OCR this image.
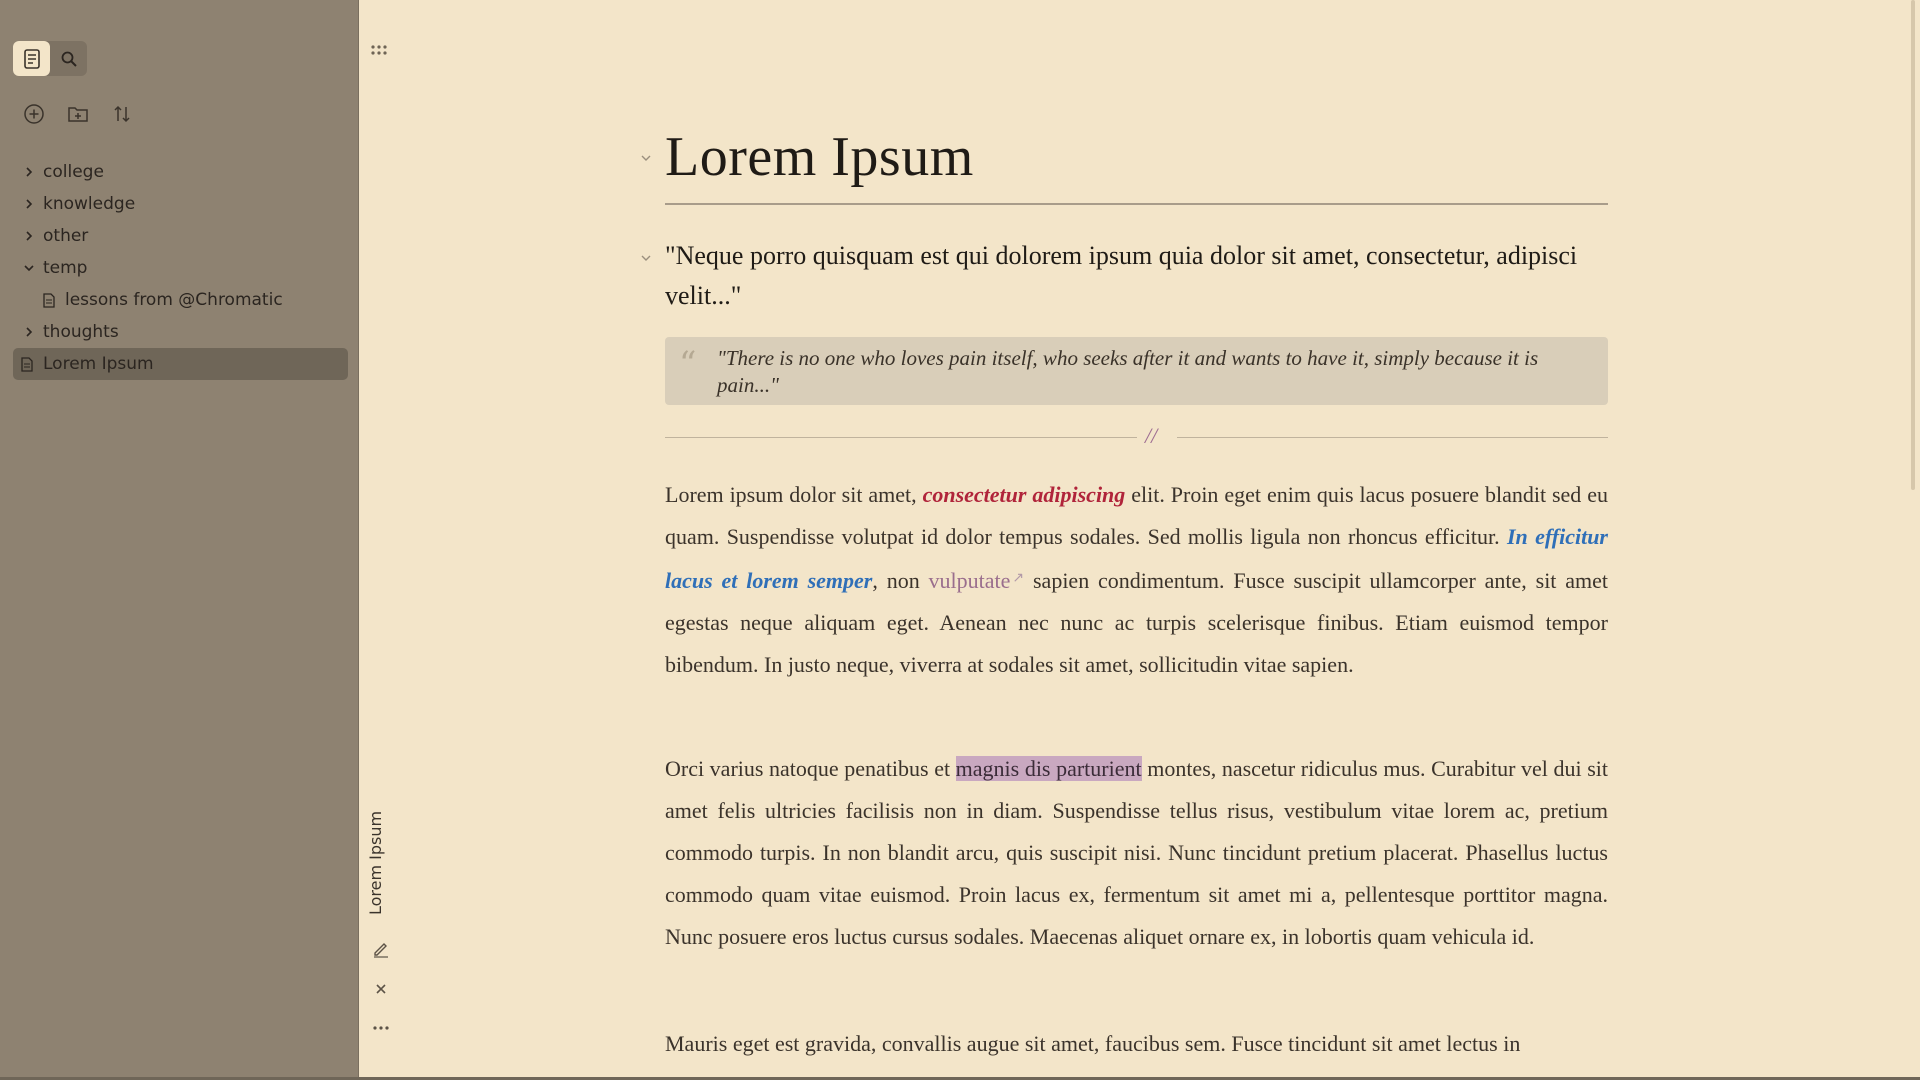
college
knowledge
other
temp
lessons from @Chromatic
thoughts
Lorem Ipsum
Lorem Ipsum
Lorem Ipsum
"Neque porro quisquam est qui dolorem ipsum quia dolor sit amet, consectetur, adipisci velit..."
“ "There is no one who loves pain itself, who seeks after it and wants to have it, simply because it is pain..."
//
Lorem ipsum dolor sit amet, consectetur adipiscing elit. Proin eget enim quis lacus posuere blandit sed eu quam. Suspendisse volutpat id dolor tempus sodales. Sed mollis ligula non rhoncus efficitur. In efficitur lacus et lorem semper, non vulputate ↗ sapien condimentum. Fusce suscipit ullamcorper ante, sit amet egestas neque aliquam eget. Aenean nec nunc ac turpis scelerisque finibus. Etiam euismod tempor bibendum. In justo neque, viverra at sodales sit amet, sollicitudin vitae sapien.
Orci varius natoque penatibus et magnis dis parturient montes, nascetur ridiculus mus. Curabitur vel dui sit amet felis ultricies facilisis non in diam. Suspendisse tellus risus, vestibulum vitae lorem ac, pretium commodo turpis. In non blandit arcu, quis suscipit nisi. Nunc tincidunt pretium placerat. Phasellus luctus commodo quam vitae euismod. Proin lacus ex, fermentum sit amet mi a, pellentesque porttitor magna. Nunc posuere eros luctus cursus sodales. Maecenas aliquet ornare ex, in lobortis quam vehicula id.
Mauris eget est gravida, convallis augue sit amet, faucibus sem. Fusce tincidunt sit amet lectus in
